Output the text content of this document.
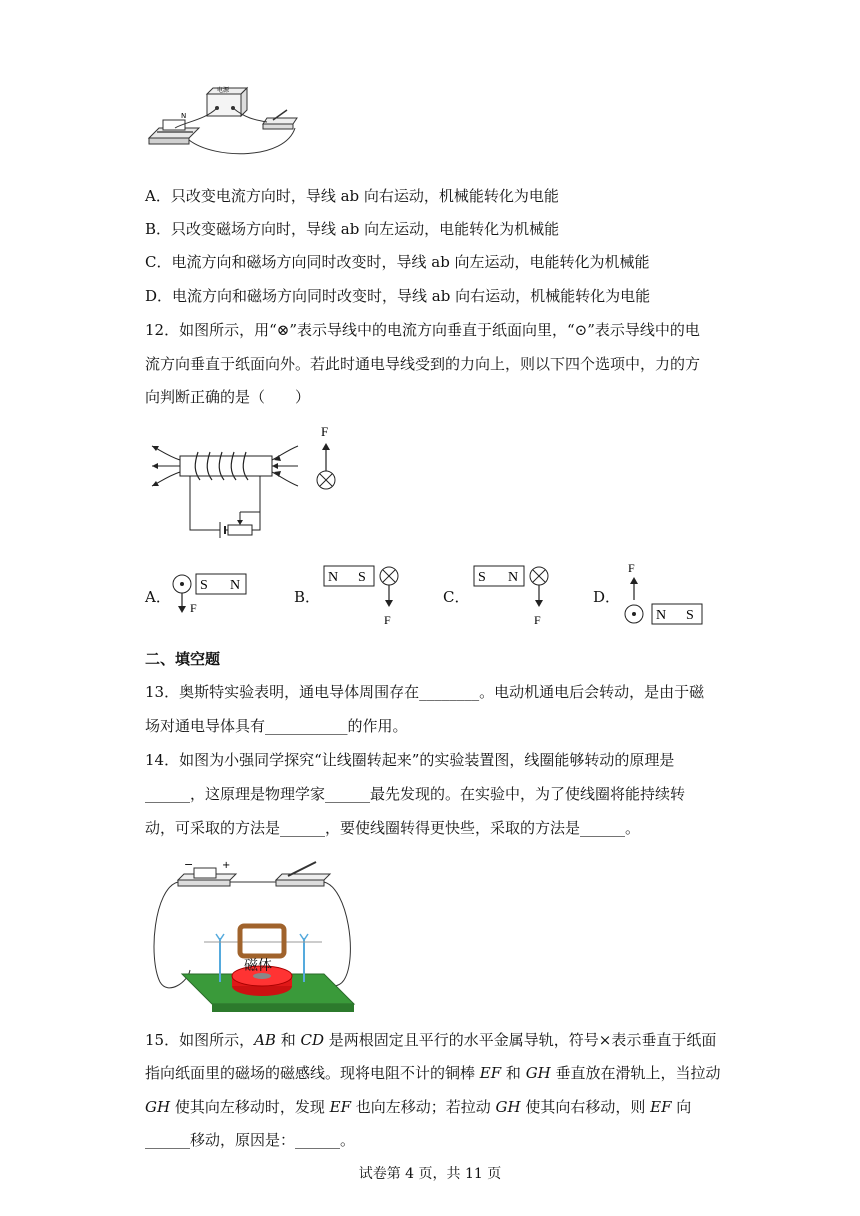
电源
N
A．只改变电流方向时，导线 ab 向右运动，机械能转化为电能
B．只改变磁场方向时，导线 ab 向左运动，电能转化为机械能
C．电流方向和磁场方向同时改变时，导线 ab 向左运动，电能转化为机械能
D．电流方向和磁场方向同时改变时，导线 ab 向右运动，机械能转化为电能
12．如图所示，用“⊗”表示导线中的电流方向垂直于纸面向里，“⊙”表示导线中的电
流方向垂直于纸面向外。若此时通电导线受到的力向上，则以下四个选项中，力的方
向判断正确的是（　　）
F
A．
F
S N
B．
N S
F
C．
S N
F
D．
F
N S
二、填空题
13．奥斯特实验表明，通电导体周围存在________。电动机通电后会转动，是由于磁
场对通电导体具有___________的作用。
14．如图为小强同学探究“让线圈转起来”的实验装置图，线圈能够转动的原理是
______，这原理是物理学家______最先发现的。在实验中，为了使线圈将能持续转
动，可采取的方法是______，要使线圈转得更快些，采取的方法是______。
−	+
磁体
15．如图所示，AB 和 CD 是两根固定且平行的水平金属导轨，符号×表示垂直于纸面
指向纸面里的磁场的磁感线。现将电阻不计的铜棒 EF 和 GH 垂直放在滑轨上，当拉动
GH 使其向左移动时，发现 EF 也向左移动；若拉动 GH 使其向右移动，则 EF 向
______移动，原因是：______。
试卷第 4 页，共 11 页
